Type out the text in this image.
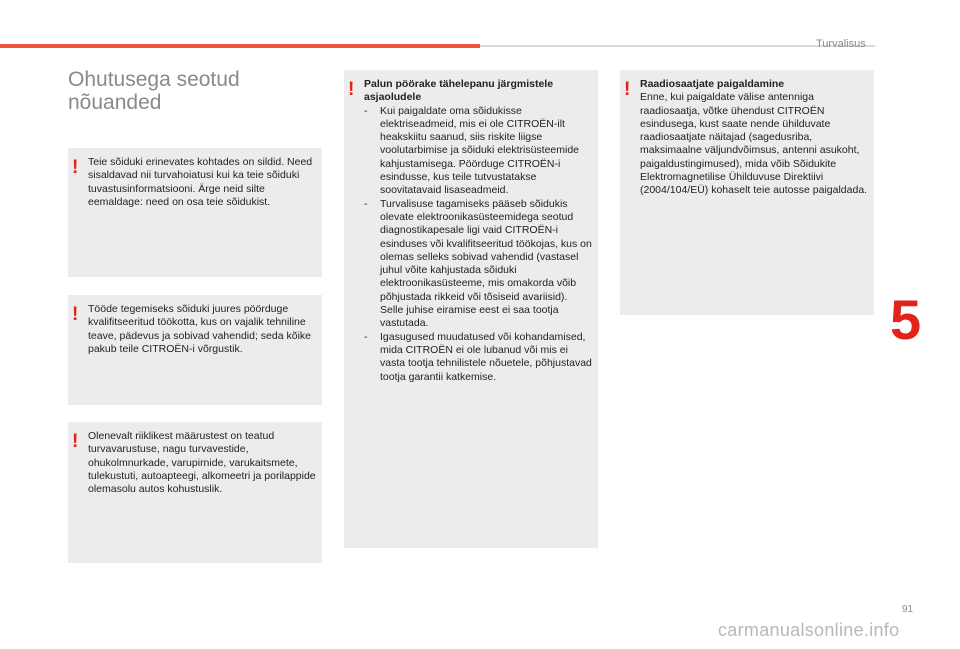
Turvalisus
Ohutusega seotud
nõuanded
! Teie sõiduki erinevates kohtades on sildid. Need sisaldavad nii turvahoiatusi kui ka teie sõiduki tuvastusinformatsiooni. Ärge neid silte eemaldage: need on osa teie sõidukist.

! Tööde tegemiseks sõiduki juures pöörduge kvalifitseeritud töökotta, kus on vajalik tehniline teave, pädevus ja sobivad vahendid; seda kõike pakub teile CITROËN-i võrgustik.

! Olenevalt riiklikest määrustest on teatud turvavarustuse, nagu turvavestide, ohukolmnurkade, varupirnide, varukaitsmete, tulekustuti, autoapteegi, alkomeetri ja porilappide olemasolu autos kohustuslik.

! Palun pöörake tähelepanu järgmistele asjaoludele

- Kui paigaldate oma sõidukisse elektriseadmeid, mis ei ole CITROËN-ilt heakskiitu saanud, siis riskite liigse voolutarbimise ja sõiduki elektrisüsteemide kahjustamisega. Pöörduge CITROËN-i esindusse, kus teile tutvustatakse soovitatavaid lisaseadmeid.

- Turvalisuse tagamiseks pääseb sõidukis olevate elektroonikasüsteemidega seotud diagnostikapesale ligi vaid CITROËN-i esinduses või kvalifitseeritud töökojas, kus on olemas selleks sobivad vahendid (vastasel juhul võite kahjustada sõiduki elektroonikasüsteeme, mis omakorda võib põhjustada rikkeid või tõsiseid avariisid). Selle juhise eiramise eest ei saa tootja vastutada.

- Igasugused muudatused või kohandamised, mida CITROËN ei ole lubanud või mis ei vasta tootja tehnilistele nõuetele, põhjustavad tootja garantii katkemise.

! Raadiosaatjate paigaldamine

Enne, kui paigaldate välise antenniga raadiosaatja, võtke ühendust CITROËN esindusega, kust saate nende ühilduvate raadiosaatjate näitajad (sagedusriba, maksimaalne väljundvõimsus, antenni asukoht, paigaldustingimused), mida võib Sõidukite Elektromagnetilise Ühilduvuse Direktiivi (2004/104/EÜ) kohaselt teie autosse paigaldada.

5
91
carmanualsonline.info
